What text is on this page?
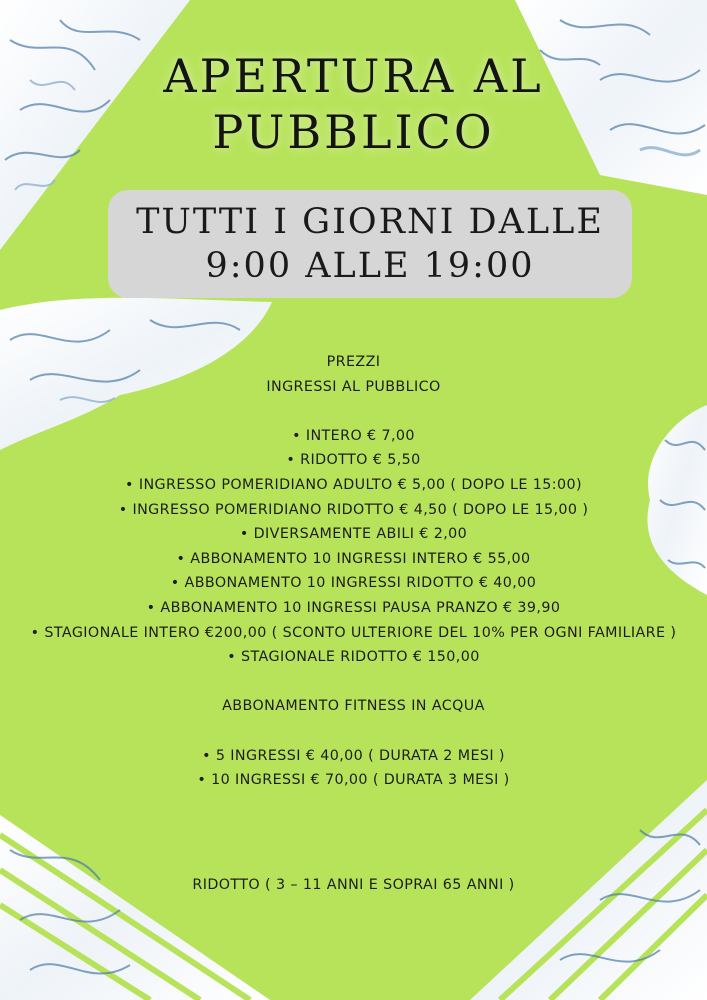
APERTURA AL
PUBBLICO
TUTTI I GIORNI DALLE
9:00 ALLE 19:00
PREZZI
INGRESSI AL PUBBLICO
• INTERO € 7,00
• RIDOTTO € 5,50
• INGRESSO POMERIDIANO ADULTO € 5,00 ( DOPO LE 15:00)
• INGRESSO POMERIDIANO RIDOTTO € 4,50 ( DOPO LE 15,00 )
• DIVERSAMENTE ABILI € 2,00
• ABBONAMENTO 10 INGRESSI INTERO € 55,00
• ABBONAMENTO 10 INGRESSI RIDOTTO € 40,00
• ABBONAMENTO 10 INGRESSI PAUSA PRANZO € 39,90
• STAGIONALE INTERO €200,00 ( SCONTO ULTERIORE DEL 10% PER OGNI FAMILIARE )
• STAGIONALE RIDOTTO € 150,00
ABBONAMENTO FITNESS IN ACQUA
• 5 INGRESSI € 40,00 ( DURATA 2 MESI )
• 10 INGRESSI € 70,00 ( DURATA 3 MESI )
RIDOTTO ( 3 – 11 ANNI E SOPRAI 65 ANNI )
